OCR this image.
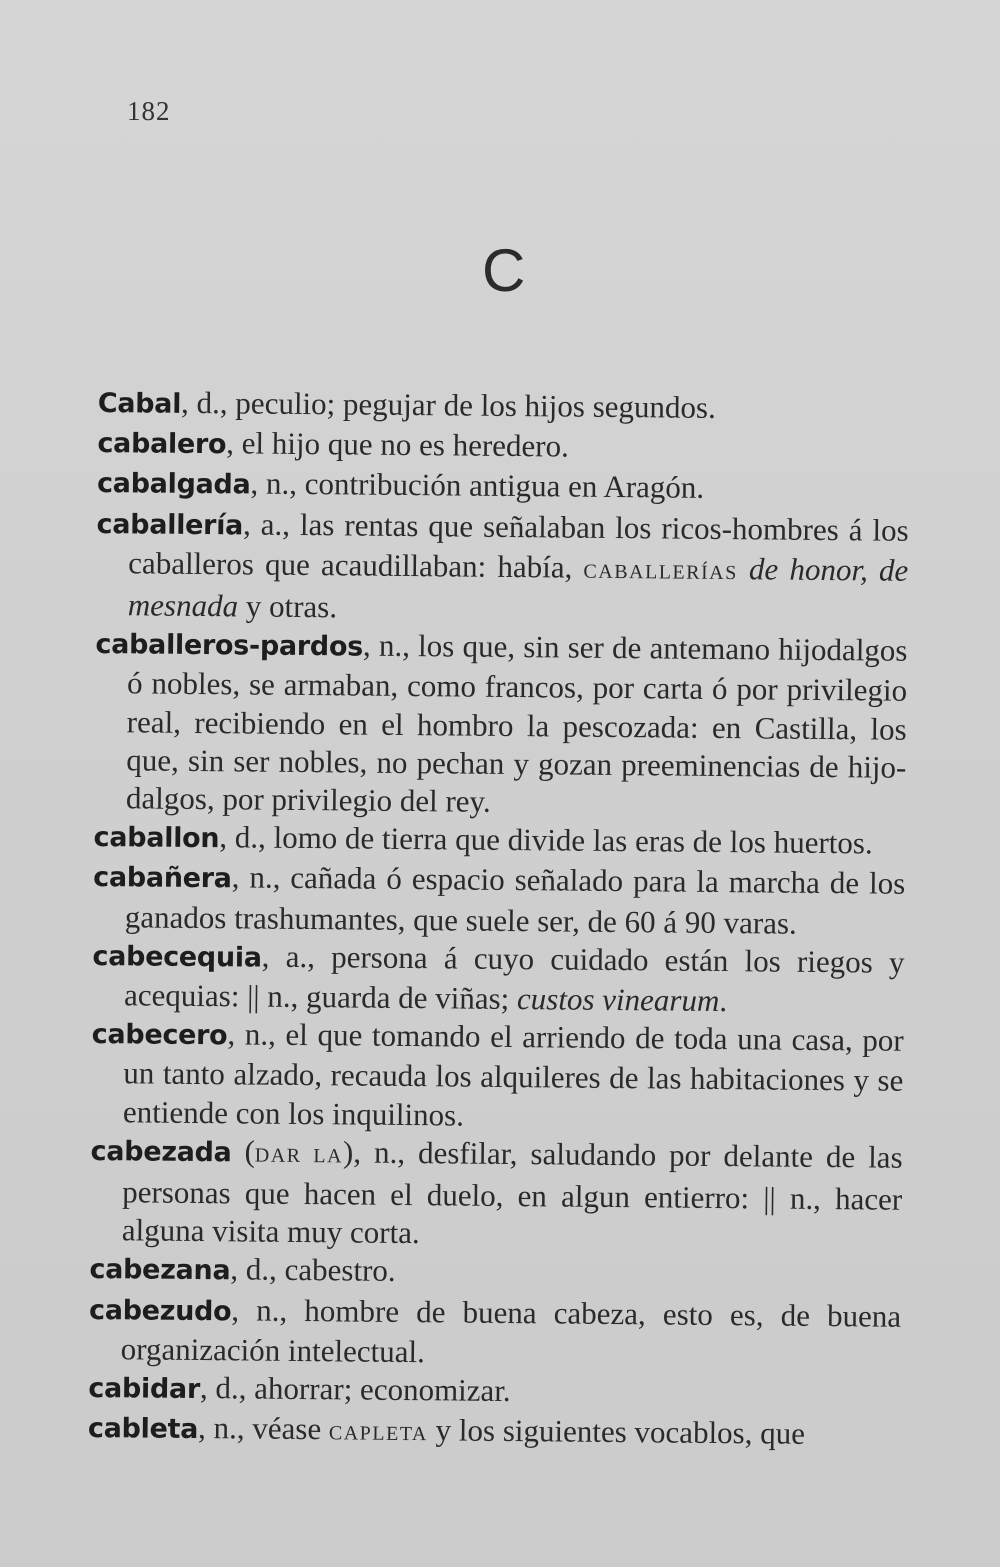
182
C

Cabal, d., peculio; pegujar de los hijos segundos.

cabalero, el hijo que no es heredero.

cabalgada, n., contribución antigua en Aragón.

caballería, a., las rentas que señalaban los ricos-hombres á los caballeros que acaudillaban: había, CABALLERÍAS de honor, de mesnada y otras.

caballeros-pardos, n., los que, sin ser de antemano hijodalgos ó nobles, se armaban, como francos, por carta ó por privilegio real, recibiendo en el hombro la pescozada: en Castilla, los que, sin ser nobles, no pechan y gozan preeminencias de hijo-dalgos, por privilegio del rey.

caballon, d., lomo de tierra que divide las eras de los huertos.

cabañera, n., cañada ó espacio señalado para la marcha de los ganados trashumantes, que suele ser, de 60 á 90 varas.

cabecequia, a., persona á cuyo cuidado están los riegos y acequias: || n., guarda de viñas; custos vinearum.

cabecero, n., el que tomando el arriendo de toda una casa, por un tanto alzado, recauda los alquileres de las habitaciones y se entiende con los inquilinos.

cabezada (DAR LA), n., desfilar, saludando por delante de las personas que hacen el duelo, en algun entierro: || n., hacer alguna visita muy corta.

cabezana, d., cabestro.

cabezudo, n., hombre de buena cabeza, esto es, de buena organización intelectual.

cabidar, d., ahorrar; economizar.

cableta, n., véase CAPLETA y los siguientes vocablos, que
